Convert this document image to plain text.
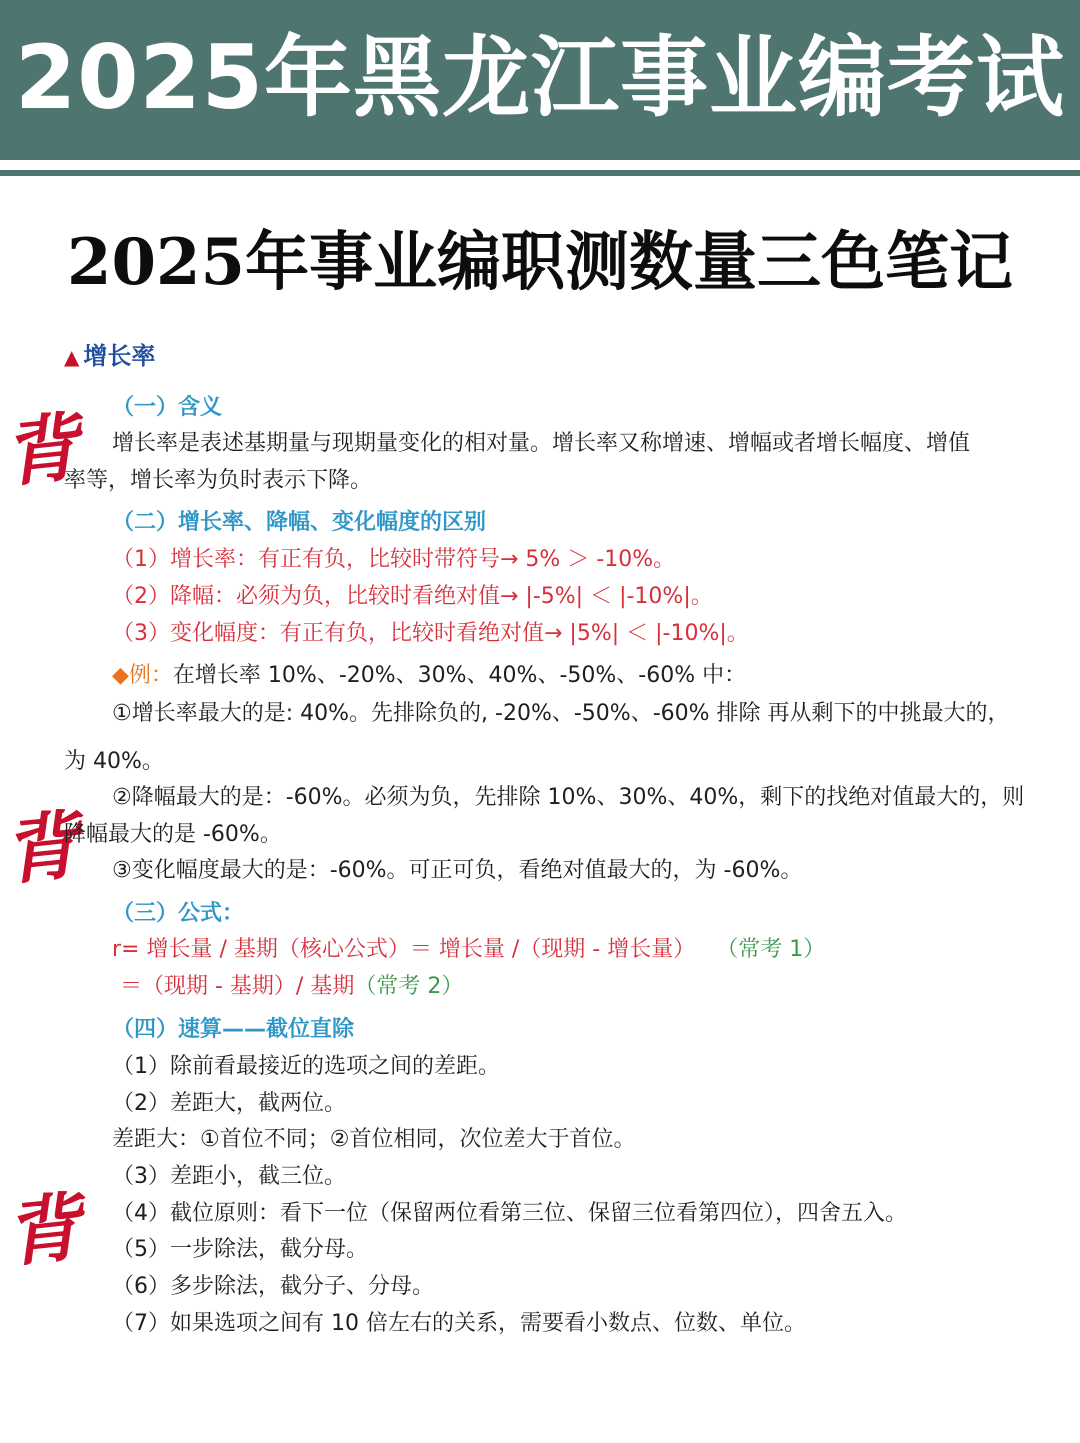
2025年黑龙江事业编考试
2025年事业编职测数量三色笔记
背
背
背
▲ 增长率
（一）含义
增长率是表述基期量与现期量变化的相对量。增长率又称增速、增幅或者增长幅度、增值
率等，增长率为负时表示下降。
（二）增长率、降幅、变化幅度的区别
（1）增长率：有正有负，比较时带符号→ 5% ＞ -10%。
（2）降幅：必须为负，比较时看绝对值→ |-5%| ＜ |-10%|。
（3）变化幅度：有正有负，比较时看绝对值→ |5%| ＜ |-10%|。
◆例：在增长率 10%、-20%、30%、40%、-50%、-60% 中：
①增长率最大的是: 40%。先排除负的, -20%、-50%、-60% 排除 再从剩下的中挑最大的，
为 40%。
②降幅最大的是：-60%。必须为负，先排除 10%、30%、40%，剩下的找绝对值最大的，则
降幅最大的是 -60%。
③变化幅度最大的是：-60%。可正可负，看绝对值最大的，为 -60%。
（三）公式：
r= 增长量 / 基期（核心公式）＝ 增长量 /（现期 - 增长量） （常考 1）
＝（现期 - 基期）/ 基期（常考 2）
（四）速算——截位直除
（1）除前看最接近的选项之间的差距。
（2）差距大，截两位。
差距大：①首位不同；②首位相同，次位差大于首位。
（3）差距小，截三位。
（4）截位原则：看下一位（保留两位看第三位、保留三位看第四位），四舍五入。
（5）一步除法，截分母。
（6）多步除法，截分子、分母。
（7）如果选项之间有 10 倍左右的关系，需要看小数点、位数、单位。
